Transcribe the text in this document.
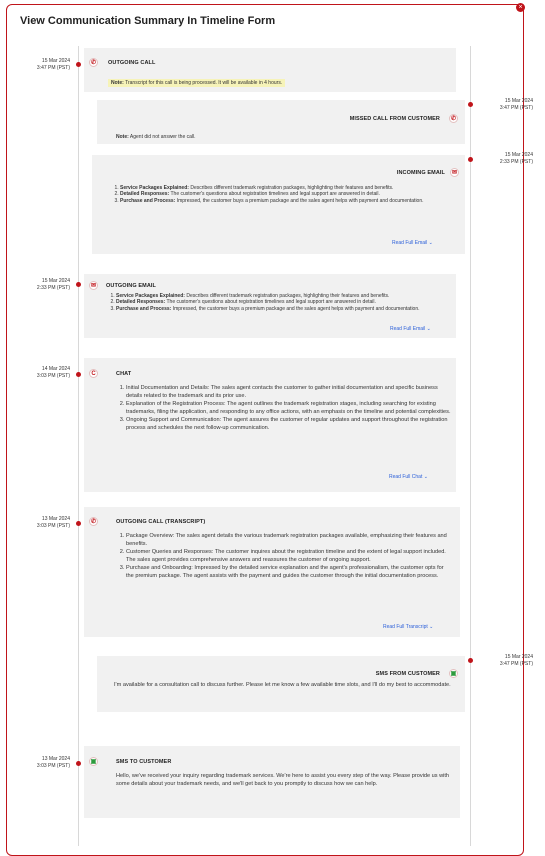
×
View Communication Summary In Timeline Form
15 Mar 2024
3:47 PM (PST)
✆	OUTGOING CALL
Note: Transcript for this call is being processed. It will be available in 4 hours.
15 Mar 2024
3:47 PM (PST)
MISSED CALL FROM CUSTOMER	✆
Note: Agent did not answer the call.
15 Mar 2024
2:33 PM (PST)
INCOMING EMAIL	✉
1. Service Packages Explained: Describes different trademark registration packages, highlighting their features and benefits.
2. Detailed Responses: The customer's questions about registration timelines and legal support are answered in detail.
3. Purchase and Process: Impressed, the customer buys a premium package and the sales agent helps with payment and documentation.
Read Full Email ⌄
15 Mar 2024
2:33 PM (PST)	✉	OUTGOING EMAIL
1. Service Packages Explained: Describes different trademark registration packages, highlighting their features and benefits.
2. Detailed Responses: The customer's questions about registration timelines and legal support are answered in detail.
3. Purchase and Process: Impressed, the customer buys a premium package and the sales agent helps with payment and documentation.
Read Full Email ⌄
14 Mar 2024
3:03 PM (PST)	C	CHAT
1. Initial Documentation and Details: The sales agent contacts the customer to gather initial documentation and specific business details related to the trademark and its prior use.
2. Explanation of the Registration Process: The agent outlines the trademark registration stages, including searching for existing trademarks, filing the application, and responding to any office actions, with an emphasis on the timeline and potential complexities.
3. Ongoing Support and Communication: The agent assures the customer of regular updates and support throughout the registration process and schedules the next follow-up communication.
Read Full Chat ⌄
13 Mar 2024
3:03 PM (PST)
✆	OUTGOING CALL (TRANSCRIPT)
1. Package Overview: The sales agent details the various trademark registration packages available, emphasizing their features and benefits.
2. Customer Queries and Responses: The customer inquires about the registration timeline and the extent of legal support included. The sales agent provides comprehensive answers and reassures the customer of ongoing support.
3. Purchase and Onboarding: Impressed by the detailed service explanation and the agent's professionalism, the customer opts for the premium package. The agent assists with the payment and guides the customer through the initial documentation process.
Read Full Transcript ⌄
15 Mar 2024
3:47 PM (PST)
SMS FROM CUSTOMER ▣
I'm available for a consultation call to discuss further. Please let me know a few available time slots, and I'll do my best to accommodate.
13 Mar 2024
3:03 PM (PST)
▣	SMS TO CUSTOMER
Hello, we've received your inquiry regarding trademark services. We're here to assist you every step of the way. Please provide us with some details about your trademark needs, and we'll get back to you promptly to discuss how we can help.
